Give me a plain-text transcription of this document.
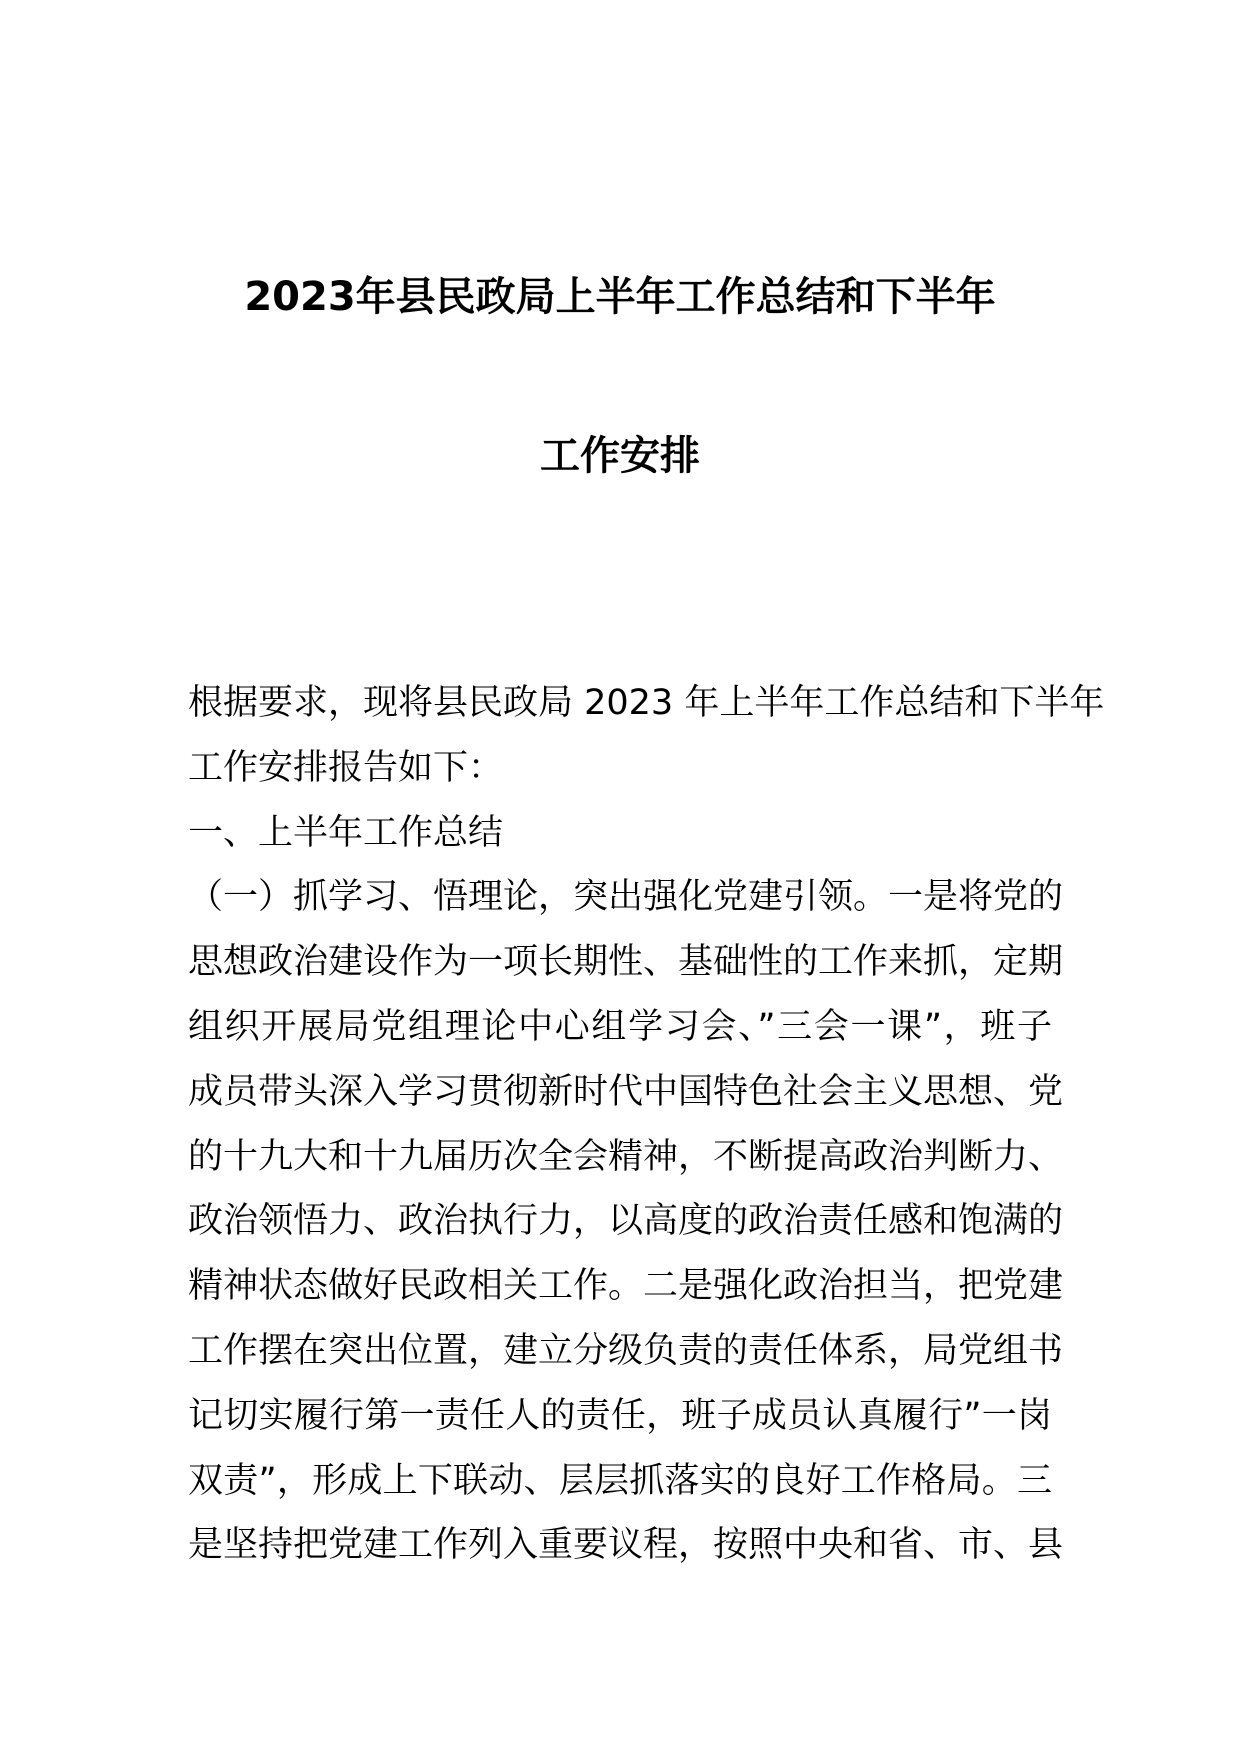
2023年县民政局上半年工作总结和下半年
工作安排
根据要求，现将县民政局 2023 年上半年工作总结和下半年
工作安排报告如下：
一、上半年工作总结
（一）抓学习、悟理论，突出强化党建引领。一是将党的
思想政治建设作为一项长期性、基础性的工作来抓，定期
组织开展局党组理论中心组学习会、”三会一课”，班子
成员带头深入学习贯彻新时代中国特色社会主义思想、党
的十九大和十九届历次全会精神，不断提高政治判断力、
政治领悟力、政治执行力，以高度的政治责任感和饱满的
精神状态做好民政相关工作。二是强化政治担当，把党建
工作摆在突出位置，建立分级负责的责任体系，局党组书
记切实履行第一责任人的责任，班子成员认真履行”一岗
双责”，形成上下联动、层层抓落实的良好工作格局。三
是坚持把党建工作列入重要议程，按照中央和省、市、县
